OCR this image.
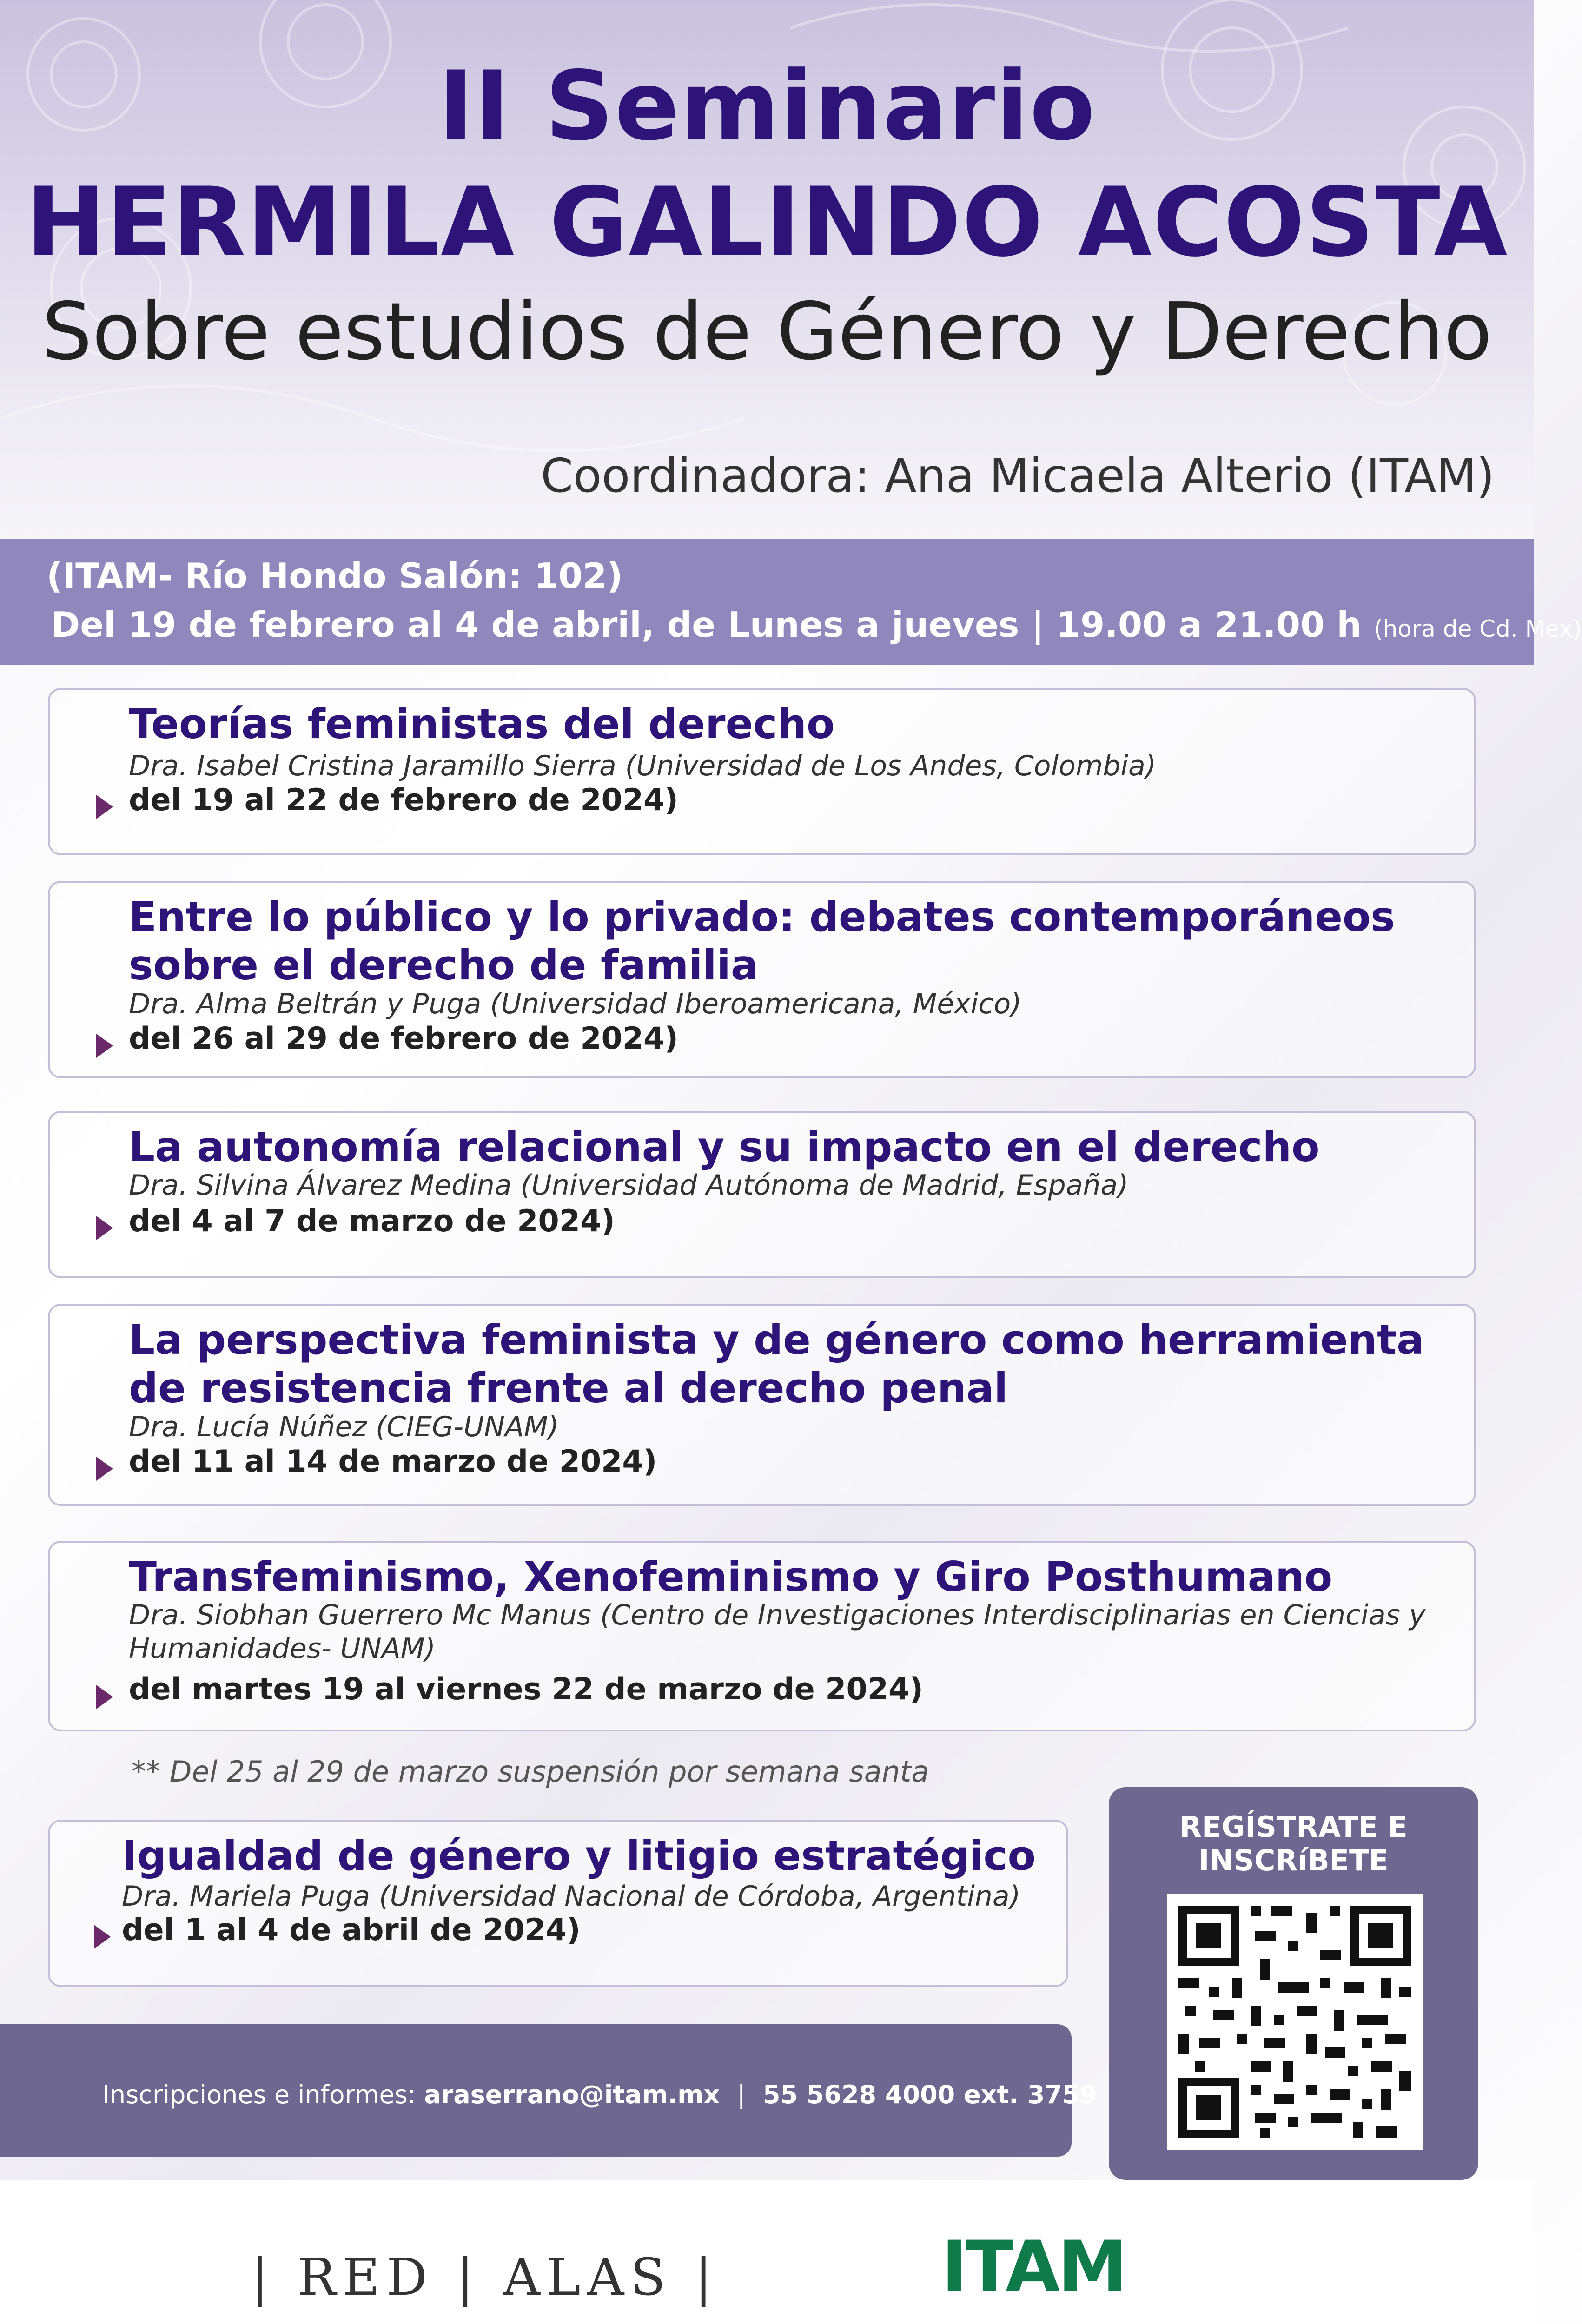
II Seminario
HERMILA GALINDO ACOSTA
Sobre estudios de Género y Derecho
Coordinadora: Ana Micaela Alterio (ITAM)
(ITAM- Río Hondo Salón: 102)
Del 19 de febrero al 4 de abril, de Lunes a jueves | 19.00 a 21.00 h (hora de Cd. Mex)
Teorías feministas del derecho
Dra. Isabel Cristina Jaramillo Sierra (Universidad de Los Andes, Colombia)
del 19 al 22 de febrero de 2024)
Entre lo público y lo privado: debates contemporáneos sobre el derecho de familia
Dra. Alma Beltrán y Puga (Universidad Iberoamericana, México)
del 26 al 29 de febrero de 2024)
La autonomía relacional y su impacto en el derecho
Dra. Silvina Álvarez Medina (Universidad Autónoma de Madrid, España)
del 4 al 7 de marzo de 2024)
La perspectiva feminista y de género como herramienta de resistencia frente al derecho penal
Dra. Lucía Núñez (CIEG-UNAM)
del 11 al 14 de marzo de 2024)
Transfeminismo, Xenofeminismo y Giro Posthumano
Dra. Siobhan Guerrero Mc Manus (Centro de Investigaciones Interdisciplinarias en Ciencias y Humanidades- UNAM)
del martes 19 al viernes 22 de marzo de 2024)
** Del 25 al 29 de marzo suspensión por semana santa
Igualdad de género y litigio estratégico
Dra. Mariela Puga (Universidad Nacional de Córdoba, Argentina)
del 1 al 4 de abril de 2024)
REGÍSTRATE E
INSCRíBETE
Inscripciones e informes: araserrano@itam.mx | 55 5628 4000 ext. 3759
| RED | ALAS |	ITAM
